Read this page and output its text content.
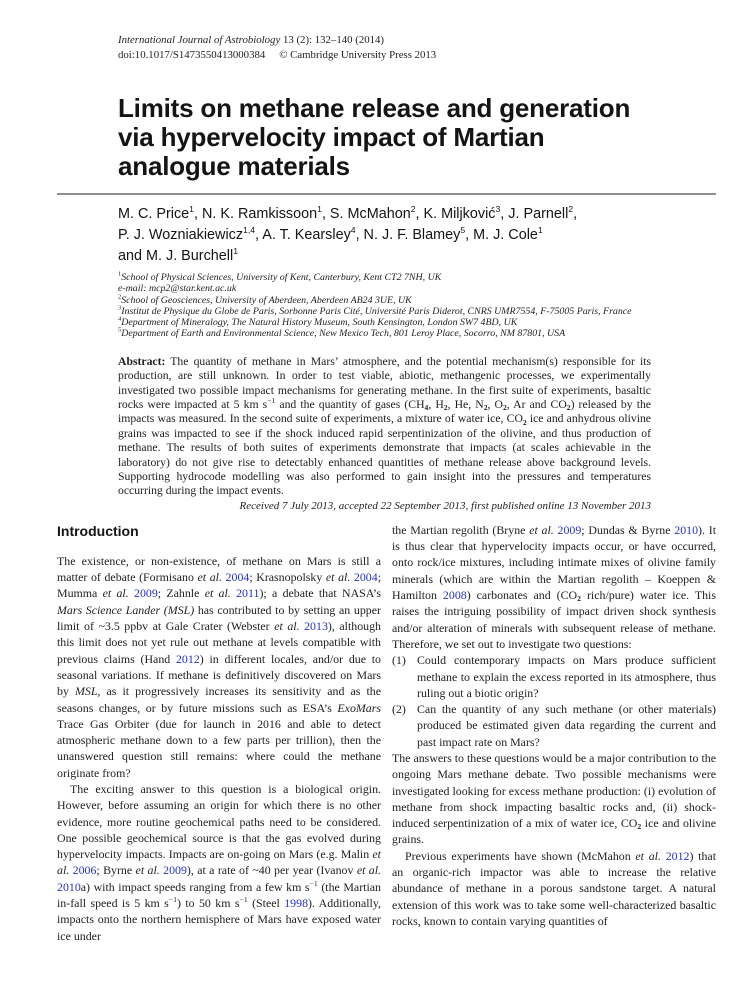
International Journal of Astrobiology 13 (2): 132–140 (2014)
doi:10.1017/S1473550413000384 © Cambridge University Press 2013
Limits on methane release and generation
via hypervelocity impact of Martian
analogue materials
M. C. Price$^1$, N. K. Ramkissoon$^1$, S. McMahon$^2$, K. Miljković$^3$, J. Parnell$^2$,
P. J. Wozniakiewicz$^{1,4}$, A. T. Kearsley$^4$, N. J. F. Blamey$^5$, M. J. Cole$^1$
and M. J. Burchell$^1$
$^1$School of Physical Sciences, University of Kent, Canterbury, Kent CT2 7NH, UK
e-mail: mcp2@star.kent.ac.uk
$^2$School of Geosciences, University of Aberdeen, Aberdeen AB24 3UE, UK
$^3$Institut de Physique du Globe de Paris, Sorbonne Paris Cité, Université Paris Diderot, CNRS UMR7554, F-75005 Paris, France
$^4$Department of Mineralogy, The Natural History Museum, South Kensington, London SW7 4BD, UK
$^5$Department of Earth and Environmental Science, New Mexico Tech, 801 Leroy Place, Socorro, NM 87801, USA

Abstract: The quantity of methane in Mars’ atmosphere, and the potential mechanism(s) responsible for its production, are still unknown. In order to test viable, abiotic, methangenic processes, we experimentally investigated two possible impact mechanisms for generating methane. In the first suite of experiments, basaltic rocks were impacted at 5 km $s^{-1}$ and the quantity of gases ($CH_4$, $H_2$, He, $N_2$, $O_2$, Ar and $CO_2$) released by the impacts was measured. In the second suite of experiments, a mixture of water ice, $CO_2$ ice and anhydrous olivine grains was impacted to see if the shock induced rapid serpentinization of the olivine, and thus production of methane. The results of both suites of experiments demonstrate that impacts (at scales achievable in the laboratory) do not give rise to detectably enhanced quantities of methane release above background levels. Supporting hydrocode modelling was also performed to gain insight into the pressures and temperatures occurring during the impact events.

Received 7 July 2013, accepted 22 September 2013, first published online 13 November 2013

Introduction

The existence, or non-existence, of methane on Mars is still a matter of debate (Formisano et al. 2004; Krasnopolsky et al. 2004; Mumma et al. 2009; Zahnle et al. 2011); a debate that NASA’s Mars Science Lander (MSL) has contributed to by setting an upper limit of ~3.5 ppbv at Gale Crater (Webster et al. 2013), although this limit does not yet rule out methane at levels compatible with previous claims (Hand 2012) in different locales, and/or due to seasonal variations. If methane is definitively discovered on Mars by MSL, as it progressively increases its sensitivity and as the seasons changes, or by future missions such as ESA’s ExoMars Trace Gas Orbiter (due for launch in 2016 and able to detect atmospheric methane down to a few parts per trillion), then the unanswered question still remains: where could the methane originate from?

The exciting answer to this question is a biological origin. However, before assuming an origin for which there is no other evidence, more routine geochemical paths need to be considered. One possible geochemical source is that the gas evolved during hypervelocity impacts. Impacts are on-going on Mars (e.g. Malin et al. 2006; Byrne et al. 2009), at a rate of ~40 per year (Ivanov et al. 2010a) with impact speeds ranging from a few km $s^{-1}$ (the Martian in-fall speed is 5 km $s^{-1}$) to 50 km $s^{-1}$ (Steel 1998). Additionally, impacts onto the northern hemisphere of Mars have exposed water ice under

the Martian regolith (Bryne et al. 2009; Dundas & Byrne 2010). It is thus clear that hypervelocity impacts occur, or have occurred, onto rock/ice mixtures, including intimate mixes of olivine family minerals (which are within the Martian regolith – Koeppen & Hamilton 2008) carbonates and ($CO_2$ rich/pure) water ice. This raises the intriguing possibility of impact driven shock synthesis and/or alteration of minerals with subsequent release of methane. Therefore, we set out to investigate two questions:

(1) Could contemporary impacts on Mars produce sufficient methane to explain the excess reported in its atmosphere, thus ruling out a biotic origin?
(2) Can the quantity of any such methane (or other materials) produced be estimated given data regarding the current and past impact rate on Mars?

The answers to these questions would be a major contribution to the ongoing Mars methane debate. Two possible mechanisms were investigated looking for excess methane production: (i) evolution of methane from shock impacting basaltic rocks and, (ii) shock-induced serpentinization of a mix of water ice, $CO_2$ ice and olivine grains.

Previous experiments have shown (McMahon et al. 2012) that an organic-rich impactor was able to increase the relative abundance of methane in a porous sandstone target. A natural extension of this work was to take some well-characterized basaltic rocks, known to contain varying quantities of
